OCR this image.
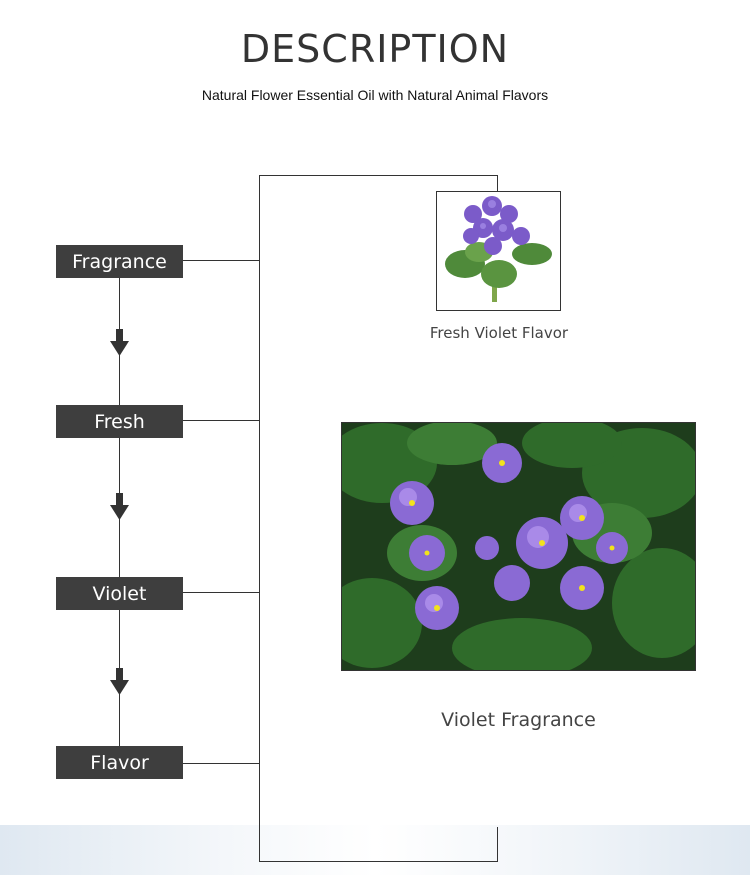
DESCRIPTION

Natural Flower Essential Oil with Natural Animal Flavors

Fragrance
Fresh
Violet
Flavor
Fresh Violet Flavor
Violet Fragrance
